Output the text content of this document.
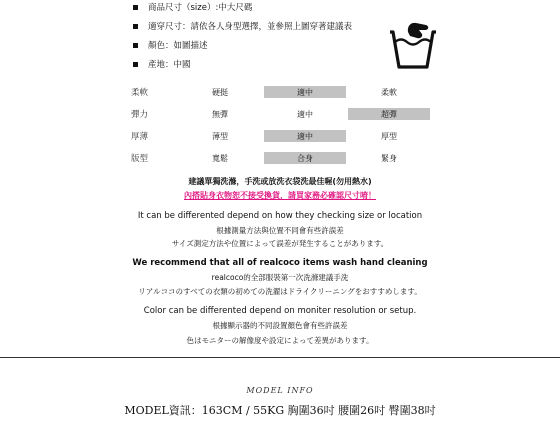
商品尺寸（size）:中大尺碼
適穿尺寸：請依各人身型選擇，並參照上圖穿著建議表
顏色：如圖描述
產地：中國
柔軟	硬挺	適中	柔軟
彈力	無彈	適中	超彈
厚薄	薄型	適中	厚型
版型	寬鬆	合身	緊身
建議單獨洗滌，手洗或放洗衣袋洗最佳喔(勿用熱水)
內搭貼身衣物恕不接受換貨，請買家務必確認尺寸唷！
It can be differented depend on how they checking size or location
根據測量方法與位置不同會有些許誤差
サイズ測定方法や位置によって誤差が発生することがあります。
We recommend that all of realcoco items wash hand cleaning
realcoco的全部服裝第一次洗滌建議手洗
リアルココのすべての衣類の初めての洗濯はドライクリーニングをおすすめします。
Color can be differented depend on moniter resolution or setup.
根據顯示器的不同設置顏色會有些許誤差
色はモニターの解像度や設定によって差異があります。
MODEL INFO
MODEL資訊：163CM / 55KG 胸圍36吋 腰圍26吋 臀圍38吋
